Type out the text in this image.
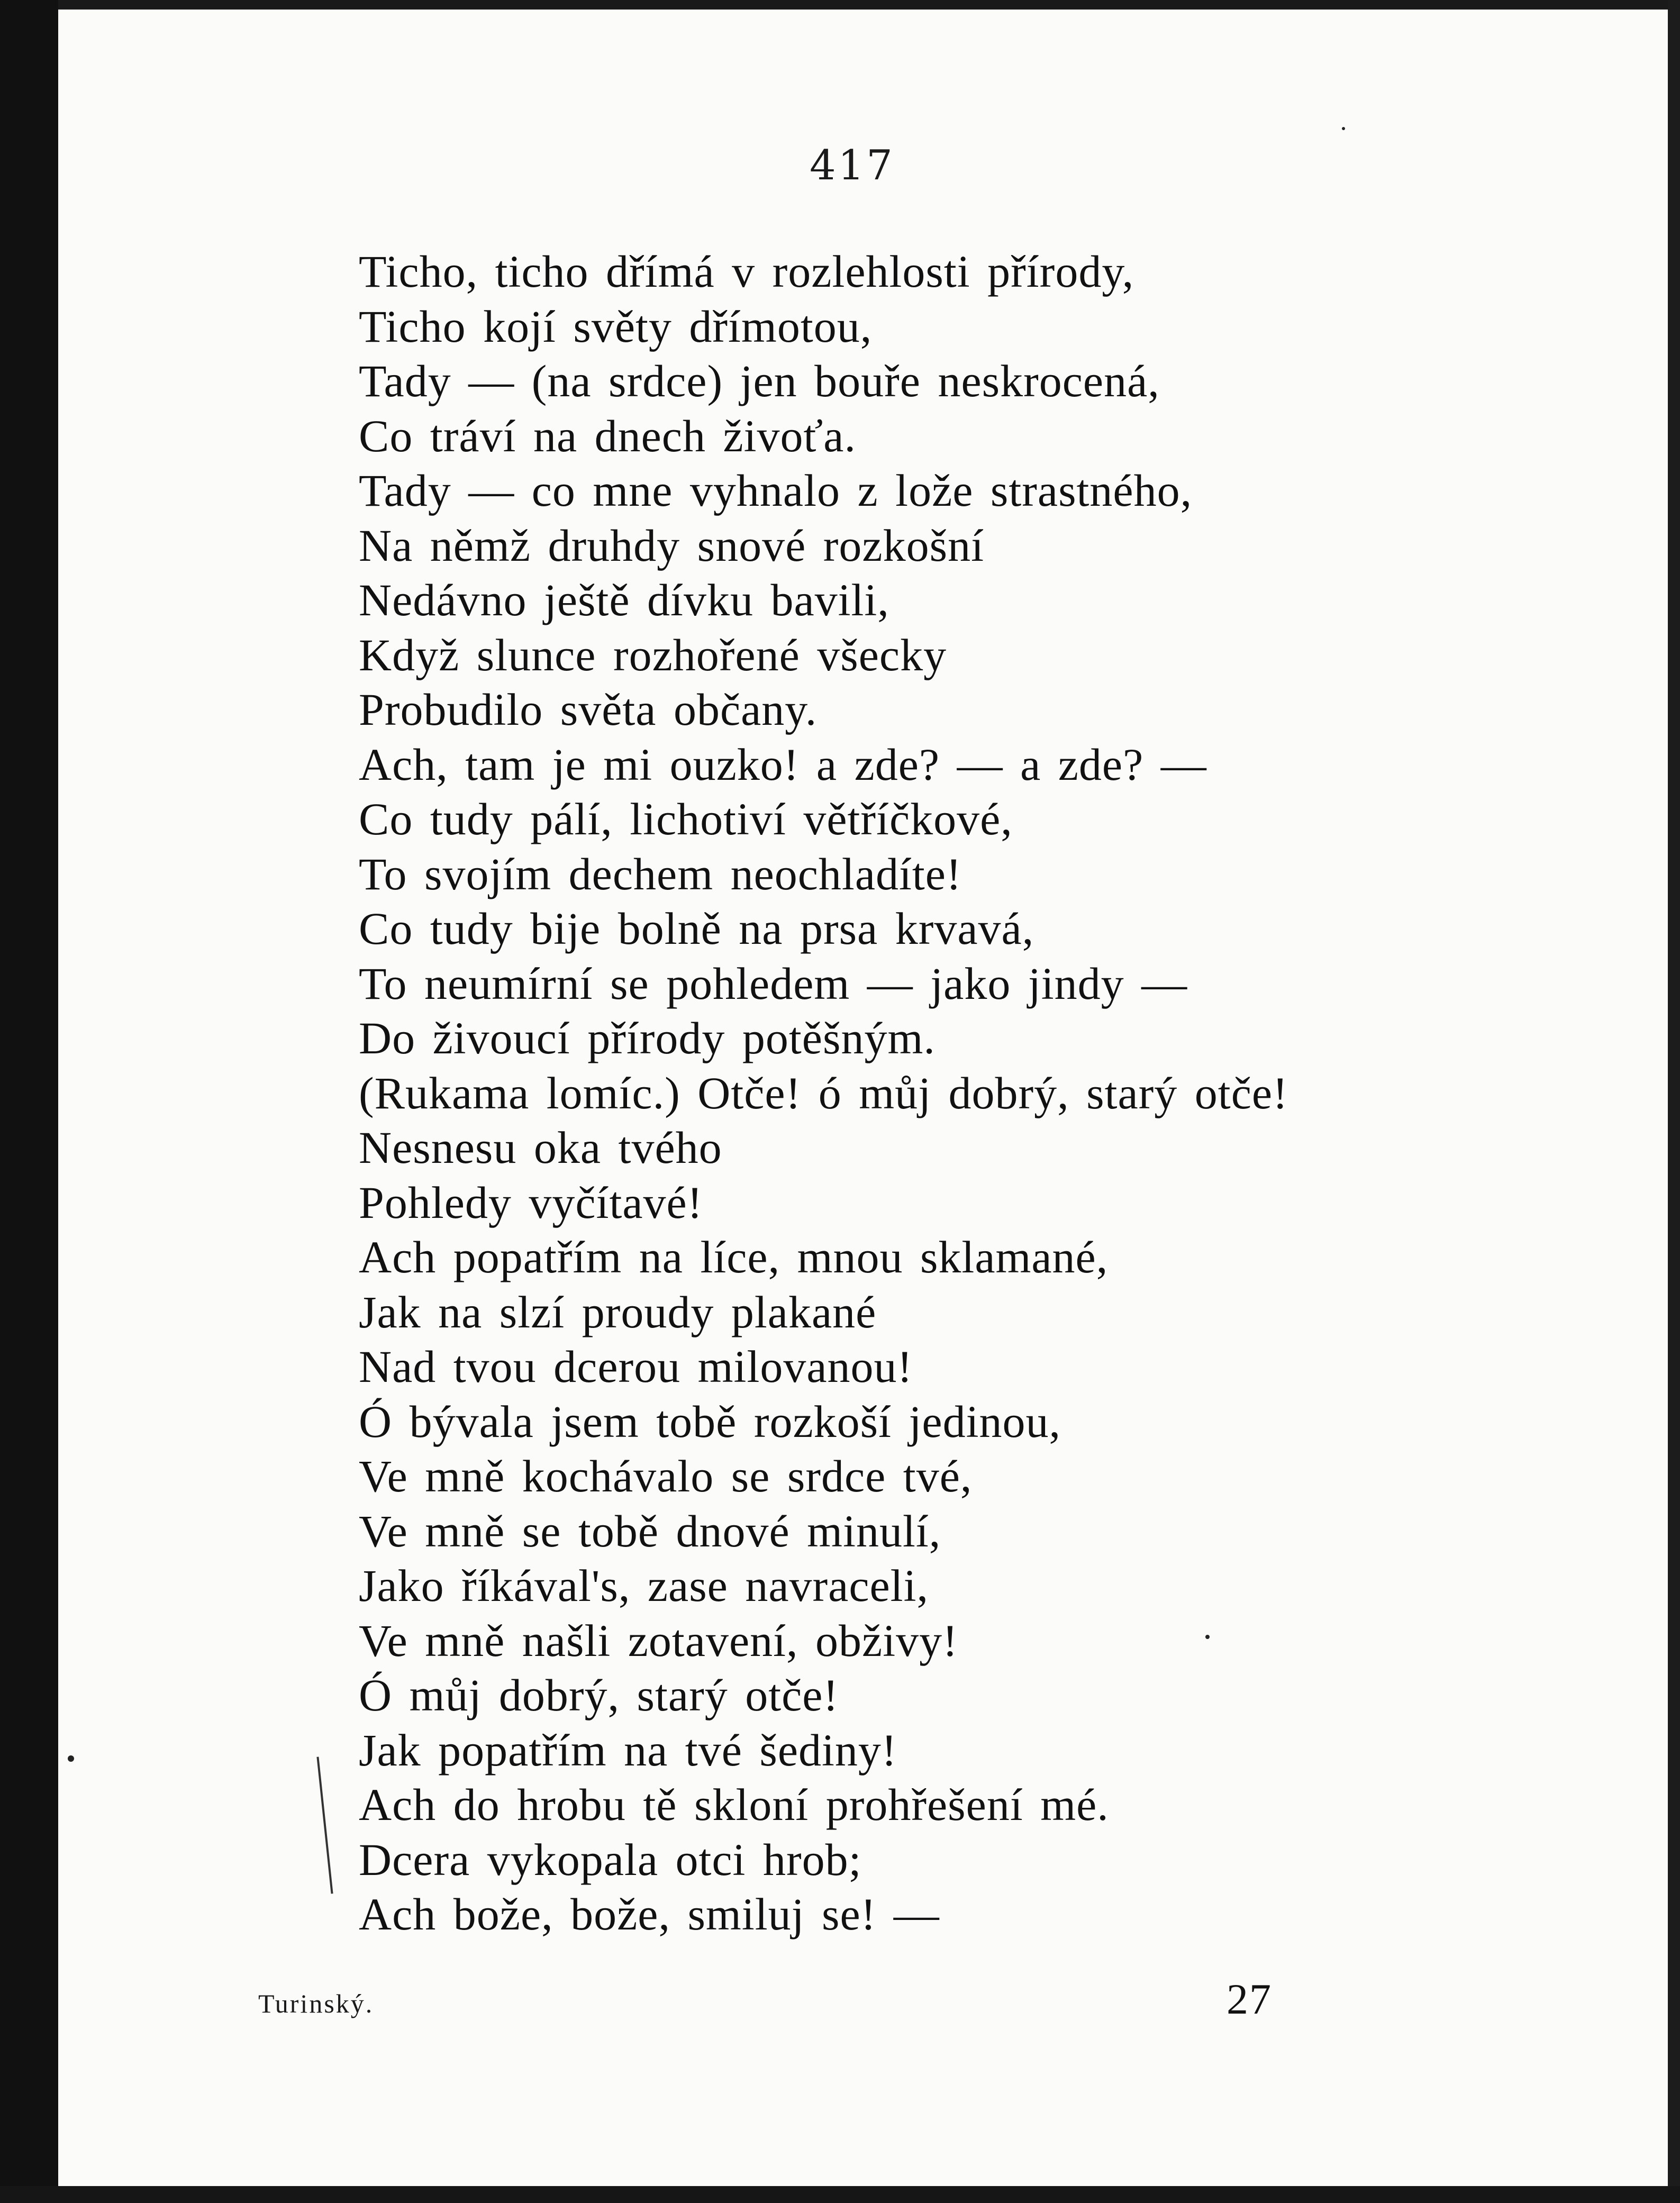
417
Ticho, ticho dřímá v rozlehlosti přírody,
Ticho kojí světy dřímotou,
Tady — (na srdce) jen bouře neskrocená,
Co tráví na dnech živoťa.
Tady — co mne vyhnalo z lože strastného,
Na němž druhdy snové rozkošní
Nedávno ještě dívku bavili,
Když slunce rozhořené všecky
Probudilo světa občany.
Ach, tam je mi ouzko! a zde? — a zde? —
Co tudy pálí, lichotiví větříčkové,
To svojím dechem neochladíte!
Co tudy bije bolně na prsa krvavá,
To neumírní se pohledem — jako jindy —
Do živoucí přírody potěšným.
(Rukama lomíc.) Otče! ó můj dobrý, starý otče!
Nesnesu oka tvého
Pohledy vyčítavé!
Ach popatřím na líce, mnou sklamané,
Jak na slzí proudy plakané
Nad tvou dcerou milovanou!
Ó bývala jsem tobě rozkoší jedinou,
Ve mně kochávalo se srdce tvé,
Ve mně se tobě dnové minulí,
Jako říkával's, zase navraceli,
Ve mně našli zotavení, obživy!
Ó můj dobrý, starý otče!
Jak popatřím na tvé šediny!
Ach do hrobu tě skloní prohřešení mé.
Dcera vykopala otci hrob;
Ach bože, bože, smiluj se! —
Turinský.	27
